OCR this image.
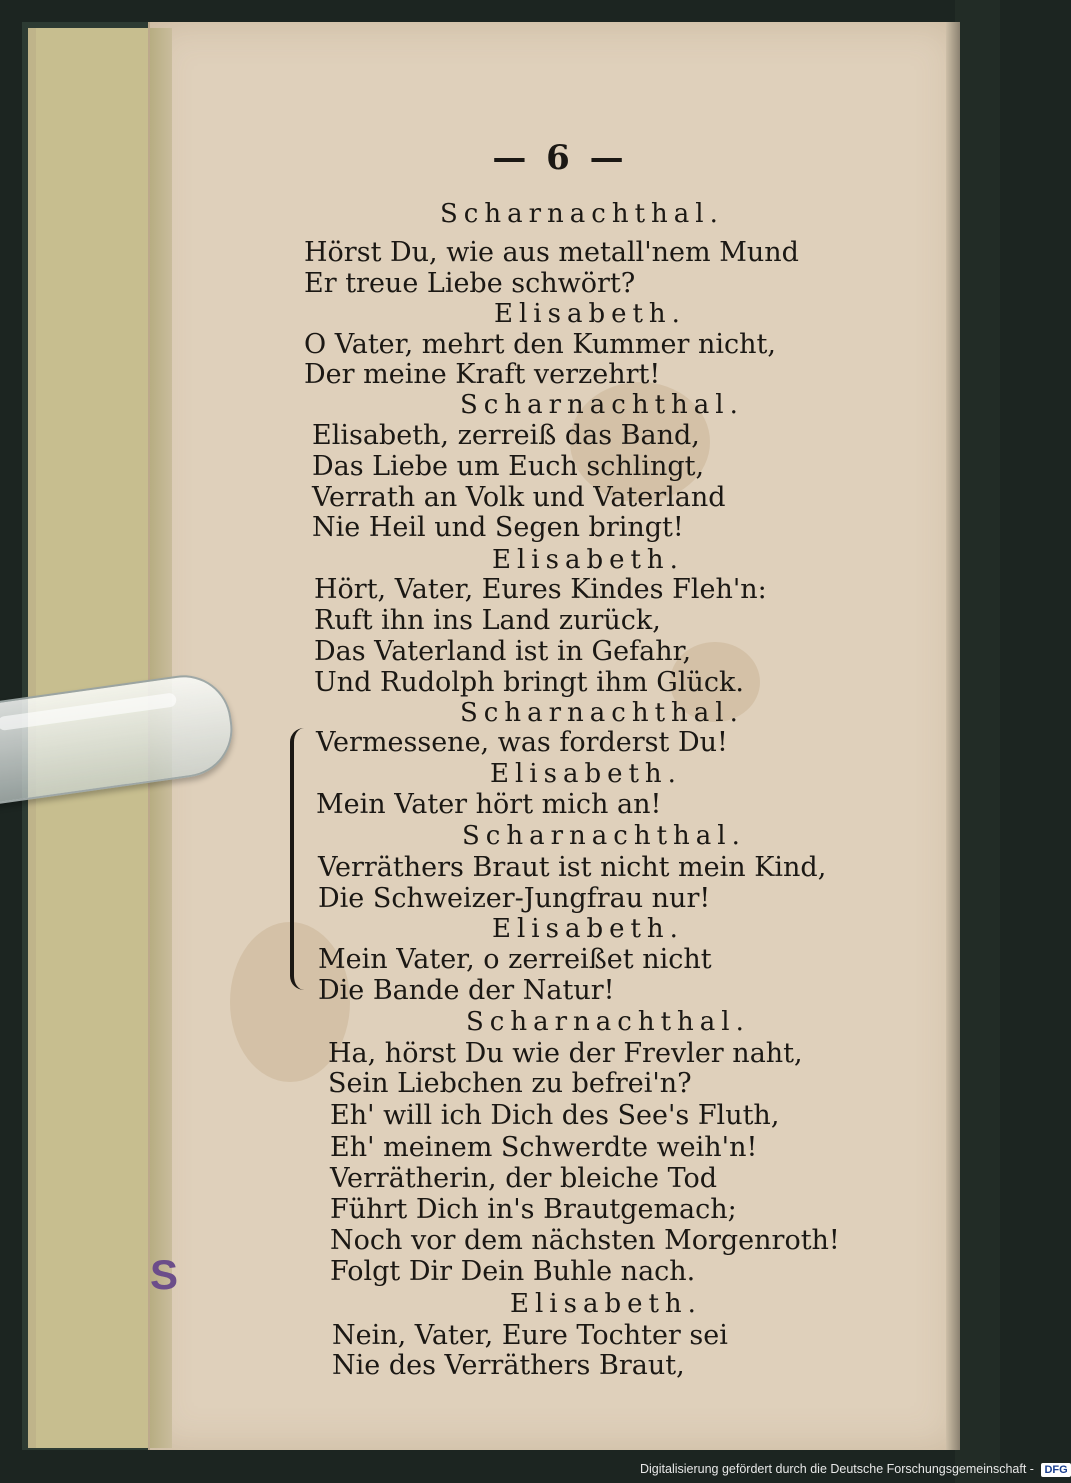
S
— 6 —
Scharnachthal.
Hörst Du, wie aus metall'nem Mund
Er treue Liebe schwört?
Elisabeth.
O Vater, mehrt den Kummer nicht,
Der meine Kraft verzehrt!
Scharnachthal.
Elisabeth, zerreiß das Band,
Das Liebe um Euch schlingt,
Verrath an Volk und Vaterland
Nie Heil und Segen bringt!
Elisabeth.
Hört, Vater, Eures Kindes Fleh'n:
Ruft ihn ins Land zurück,
Das Vaterland ist in Gefahr,
Und Rudolph bringt ihm Glück.
Scharnachthal.
Vermessene, was forderst Du!
Elisabeth.
Mein Vater hört mich an!
Scharnachthal.
Verräthers Braut ist nicht mein Kind,
Die Schweizer-Jungfrau nur!
Elisabeth.
Mein Vater, o zerreißet nicht
Die Bande der Natur!
Scharnachthal.
Ha, hörst Du wie der Frevler naht,
Sein Liebchen zu befrei'n?
Eh' will ich Dich des See's Fluth,
Eh' meinem Schwerdte weih'n!
Verrätherin, der bleiche Tod
Führt Dich in's Brautgemach;
Noch vor dem nächsten Morgenroth!
Folgt Dir Dein Buhle nach.
Elisabeth.
Nein, Vater, Eure Tochter sei
Nie des Verräthers Braut,
Digitalisierung gefördert durch die Deutsche Forschungsgemeinschaft - DFG
